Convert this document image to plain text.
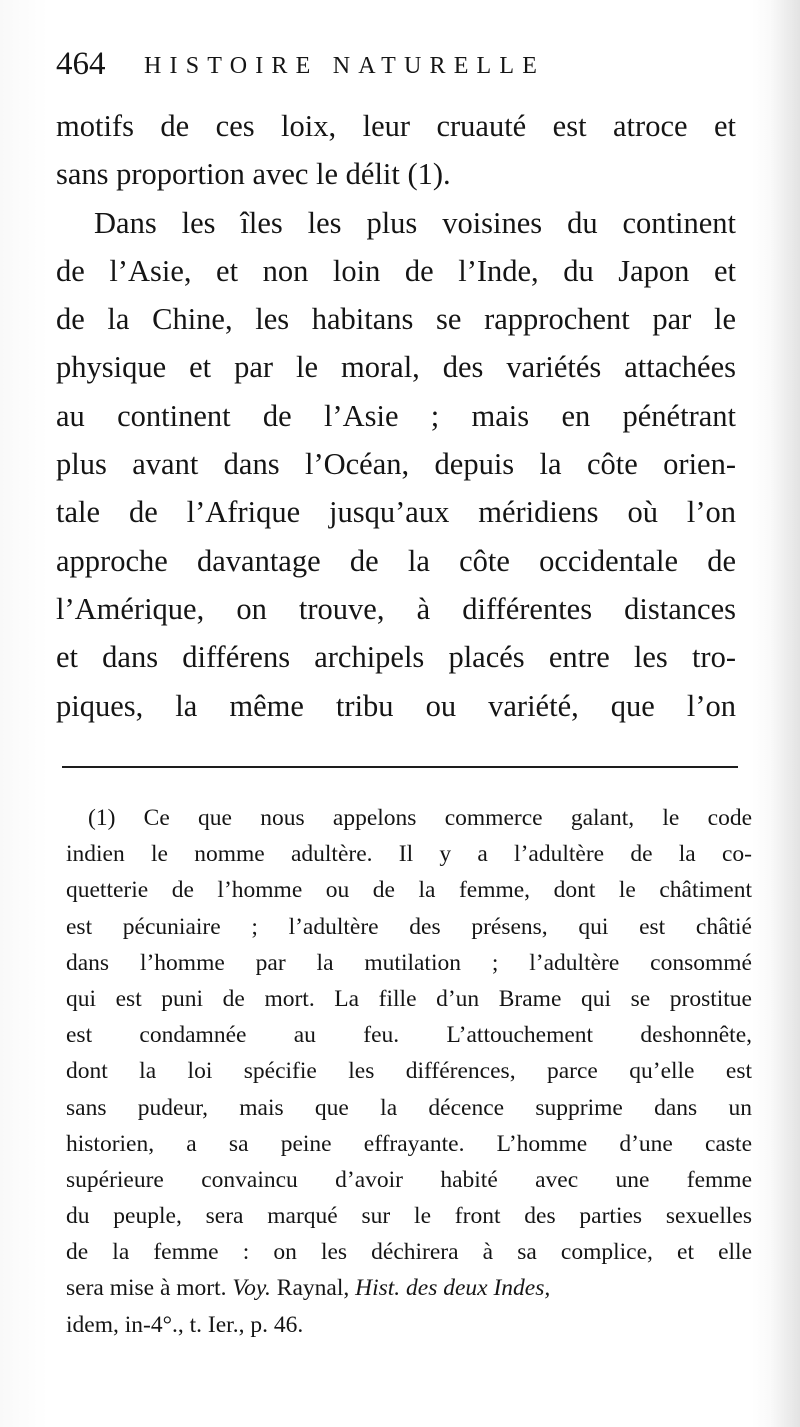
464 HISTOIRE NATURELLE
motifs de ces loix, leur cruauté est atroce et
sans proportion avec le délit (1).
Dans les îles les plus voisines du continent
de l’Asie, et non loin de l’Inde, du Japon et
de la Chine, les habitans se rapprochent par le
physique et par le moral, des variétés attachées
au continent de l’Asie ; mais en pénétrant
plus avant dans l’Océan, depuis la côte orien-
tale de l’Afrique jusqu’aux méridiens où l’on
approche davantage de la côte occidentale de
l’Amérique, on trouve, à différentes distances
et dans différens archipels placés entre les tro-
piques, la même tribu ou variété, que l’on
(1) Ce que nous appelons commerce galant, le code
indien le nomme adultère. Il y a l’adultère de la co-
quetterie de l’homme ou de la femme, dont le châtiment
est pécuniaire ; l’adultère des présens, qui est châtié
dans l’homme par la mutilation ; l’adultère consommé
qui est puni de mort. La fille d’un Brame qui se prostitue
est condamnée au feu. L’attouchement deshonnête,
dont la loi spécifie les différences, parce qu’elle est
sans pudeur, mais que la décence supprime dans un
historien, a sa peine effrayante. L’homme d’une caste
supérieure convaincu d’avoir habité avec une femme
du peuple, sera marqué sur le front des parties sexuelles
de la femme : on les déchirera à sa complice, et elle
sera mise à mort. Voy. Raynal, Hist. des deux Indes,
idem, in-4°., t. Ier., p. 46.
